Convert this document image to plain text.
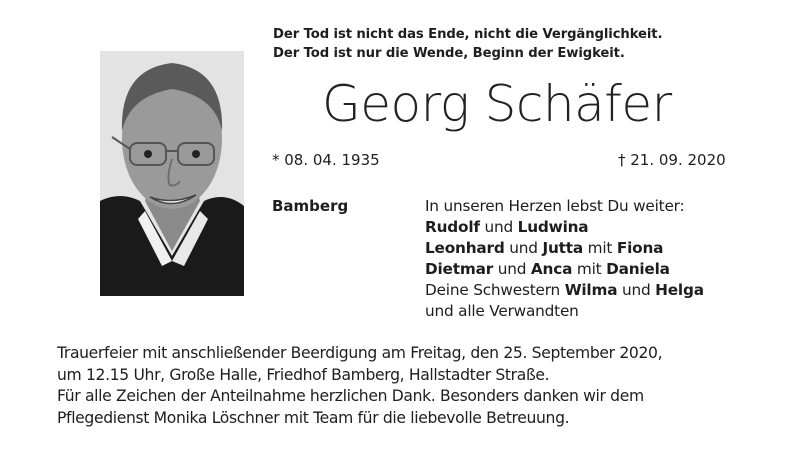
Der Tod ist nicht das Ende, nicht die Vergänglichkeit.
Der Tod ist nur die Wende, Beginn der Ewigkeit.
Georg Schäfer
* 08. 04. 1935	† 21. 09. 2020
Bamberg	In unseren Herzen lebst Du weiter:
Rudolf und Ludwina
Leonhard und Jutta mit Fiona
Dietmar und Anca mit Daniela
Deine Schwestern Wilma und Helga
und alle Verwandten
Trauerfeier mit anschließender Beerdigung am Freitag, den 25. September 2020,
um 12.15 Uhr, Große Halle, Friedhof Bamberg, Hallstadter Straße.
Für alle Zeichen der Anteilnahme herzlichen Dank. Besonders danken wir dem
Pflegedienst Monika Löschner mit Team für die liebevolle Betreuung.
